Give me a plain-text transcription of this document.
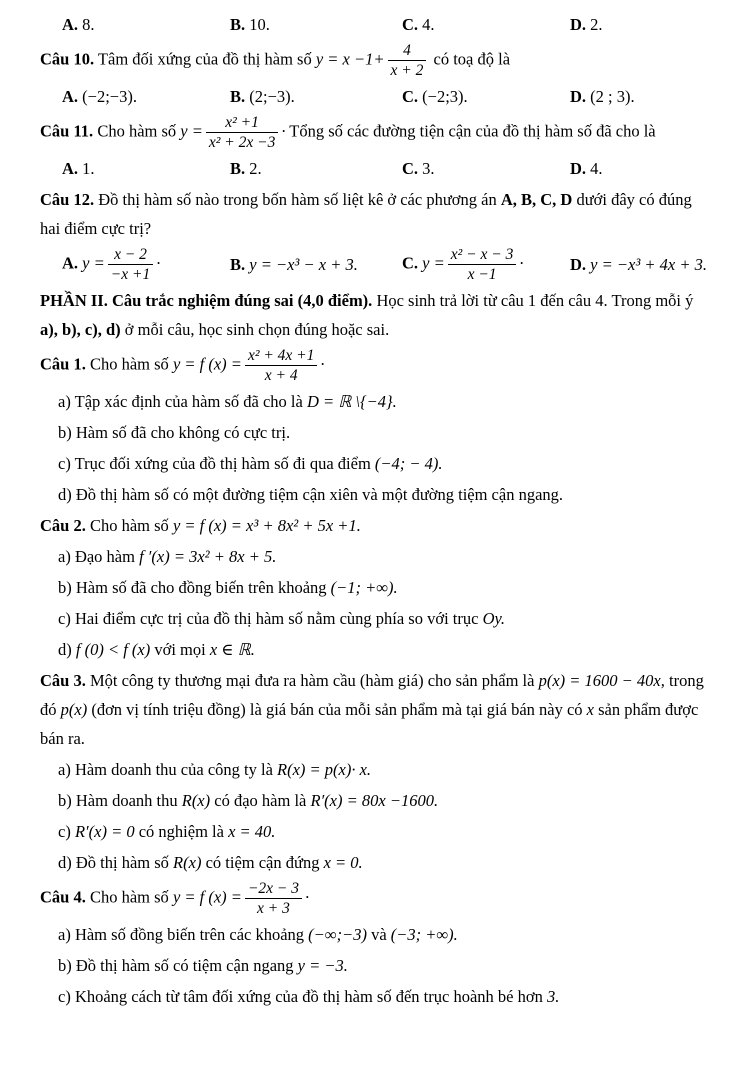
A. 8.	B. 10.	C. 4.	D. 2.

Câu 10. Tâm đối xứng của đồ thị hàm số $y = x -1+ \frac{4}{x + 2}$ có toạ độ là

A. (−2;−3).	B. (2;−3).	C. (−2;3).	D. (2 ; 3).

Câu 11. Cho hàm số $y = \frac{\text{x² +1}}{\text{x² + 2x −3}}$ · Tổng số các đường tiện cận của đồ thị hàm số đã cho là

A. 1.	B. 2.	C. 3.	D. 4.

Câu 12. Đồ thị hàm số nào trong bốn hàm số liệt kê ở các phương án A, B, C, D dưới đây có đúng hai điểm cực trị?

A. $y = \frac{x - 2}{-x +1}$ ·	B. y = −x³ − x + 3.	C. $y = \frac{\text{x² − x − 3}}{x -1}$ ·	D. y = −x³ + 4x + 3.

PHẦN II. Câu trắc nghiệm đúng sai (4,0 điểm). Học sinh trả lời từ câu 1 đến câu 4. Trong mỗi ý a), b), c), d) ở mỗi câu, học sinh chọn đúng hoặc sai.

Câu 1. Cho hàm số y = f $(x) = \frac{\text{x² + 4x +1}}{x + 4}$ ·

a) Tập xác định của hàm số đã cho là D = ℝ \{−4}.
b) Hàm số đã cho không có cực trị.
c) Trục đối xứng của đồ thị hàm số đi qua điểm (−4; − 4).
d) Đồ thị hàm số có một đường tiệm cận xiên và một đường tiệm cận ngang.

Câu 2. Cho hàm số y = f (x) = x³ + 8x² + 5x +1.

a) Đạo hàm f ′(x) = 3x² + 8x + 5.
b) Hàm số đã cho đồng biến trên khoảng (−1; +∞).
c) Hai điểm cực trị của đồ thị hàm số nằm cùng phía so với trục Oy.
d) f (0) < f (x) với mọi x ∈ ℝ.

Câu 3. Một công ty thương mại đưa ra hàm cầu (hàm giá) cho sản phẩm là p(x) = 1600 − 40x, trong đó p(x) (đơn vị tính triệu đồng) là giá bán của mỗi sản phẩm mà tại giá bán này có x sản phẩm được bán ra.

a) Hàm doanh thu của công ty là R(x) = p(x)· x.
b) Hàm doanh thu R(x) có đạo hàm là R′(x) = 80x −1600.
c) R′(x) = 0 có nghiệm là x = 40.
d) Đồ thị hàm số R(x) có tiệm cận đứng x = 0.

Câu 4. Cho hàm số y = f $(x) = \frac{-2x - 3}{x + 3}$ ·

a) Hàm số đồng biến trên các khoảng (−∞;−3) và (−3; +∞).
b) Đồ thị hàm số có tiệm cận ngang y = −3.
c) Khoảng cách từ tâm đối xứng của đồ thị hàm số đến trục hoành bé hơn 3.
